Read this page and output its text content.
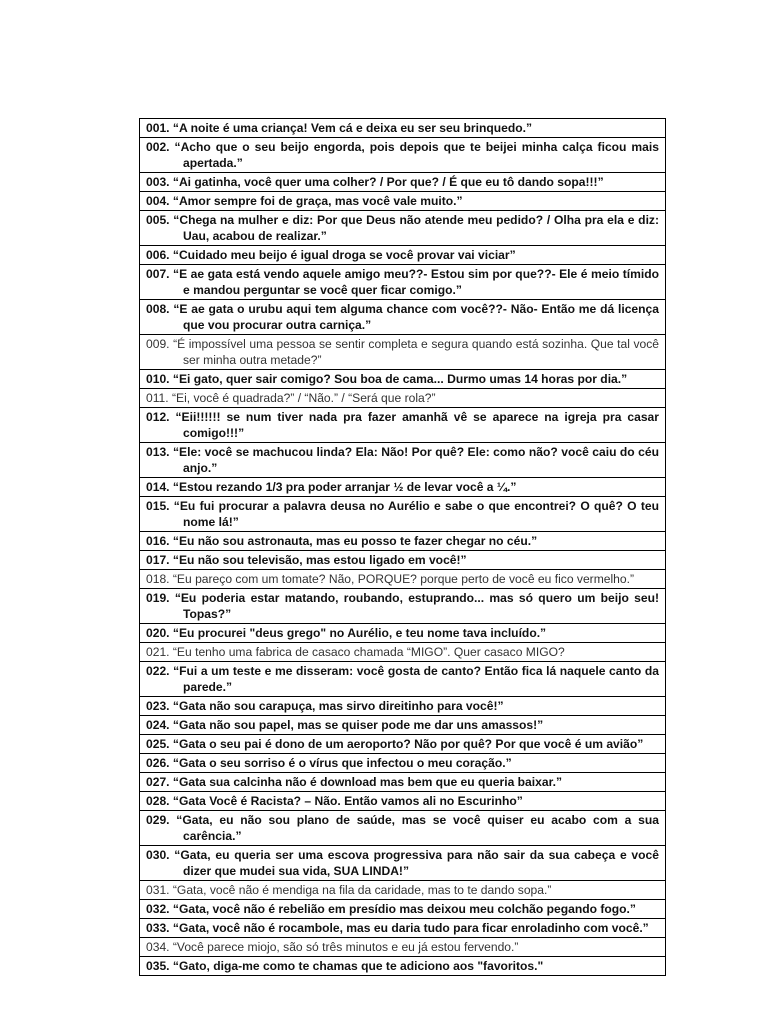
001. “A noite é uma criança! Vem cá e deixa eu ser seu brinquedo.”

002. “Acho que o seu beijo engorda, pois depois que te beijei minha calça ficou mais apertada.”

003. “Ai gatinha, você quer uma colher? / Por que? / É que eu tô dando sopa!!!”

004. “Amor sempre foi de graça, mas você vale muito.”

005. “Chega na mulher e diz: Por que Deus não atende meu pedido? / Olha pra ela e diz: Uau, acabou de realizar.”

006. “Cuidado meu beijo é igual droga se você provar vai viciar”

007. “E ae gata está vendo aquele amigo meu??- Estou sim por que??- Ele é meio tímido e mandou perguntar se você quer ficar comigo.”

008. “E ae gata o urubu aqui tem alguma chance com você??- Não- Então me dá licença que vou procurar outra carniça.”

009. “É impossível uma pessoa se sentir completa e segura quando está sozinha. Que tal você ser minha outra metade?”

010. “Ei gato, quer sair comigo? Sou boa de cama... Durmo umas 14 horas por dia.”

011. “Ei, você é quadrada?” / “Não.” / “Será que rola?”

012. “Eii!!!!!! se num tiver nada pra fazer amanhã vê se aparece na igreja pra casar comigo!!!”

013. “Ele: você se machucou linda? Ela: Não! Por quê? Ele: como não? você caiu do céu anjo.”

014. “Estou rezando 1/3 pra poder arranjar ½ de levar você a ¼.”

015. “Eu fui procurar a palavra deusa no Aurélio e sabe o que encontrei? O quê? O teu nome lá!”

016. “Eu não sou astronauta, mas eu posso te fazer chegar no céu.”

017. “Eu não sou televisão, mas estou ligado em você!”

018. “Eu pareço com um tomate? Não, PORQUE? porque perto de você eu fico vermelho.”

019. “Eu poderia estar matando, roubando, estuprando... mas só quero um beijo seu! Topas?”

020. “Eu procurei "deus grego" no Aurélio, e teu nome tava incluído.”

021. “Eu tenho uma fabrica de casaco chamada “MIGO”. Quer casaco MIGO?

022. “Fui a um teste e me disseram: você gosta de canto? Então fica lá naquele canto da parede.”

023. “Gata não sou carapuça, mas sirvo direitinho para você!”

024. “Gata não sou papel, mas se quiser pode me dar uns amassos!”

025. “Gata o seu pai é dono de um aeroporto? Não por quê? Por que você é um avião”

026. “Gata o seu sorriso é o vírus que infectou o meu coração.”

027. “Gata sua calcinha não é download mas bem que eu queria baixar.”

028. “Gata Você é Racista? – Não. Então vamos ali no Escurinho”

029. “Gata, eu não sou plano de saúde, mas se você quiser eu acabo com a sua carência.”

030. “Gata, eu queria ser uma escova progressiva para não sair da sua cabeça e você dizer que mudei sua vida, SUA LINDA!”

031. “Gata, você não é mendiga na fila da caridade, mas to te dando sopa.”

032. “Gata, você não é rebelião em presídio mas deixou meu colchão pegando fogo.”

033. “Gata, você não é rocambole, mas eu daria tudo para ficar enroladinho com você.”

034. “Você parece miojo, são só três minutos e eu já estou fervendo.”

035. “Gato, diga-me como te chamas que te adiciono aos "favoritos."
